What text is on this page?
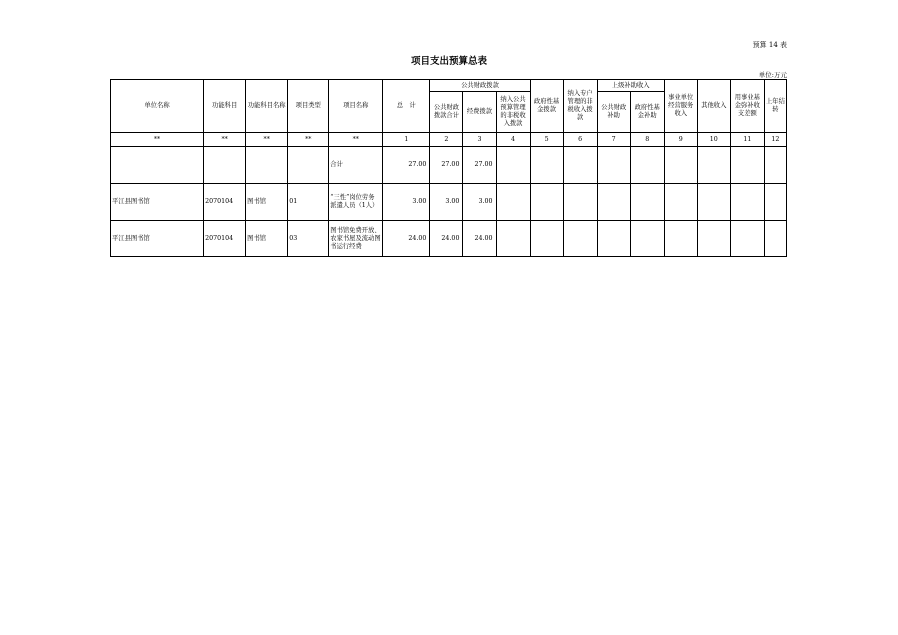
预算 14 表
项目支出预算总表
单位:万元
单位名称	功能科目	功能科目名称	项目类型	项目名称	总　计	公共财政拨款			政府性基金拨款	纳入专户管理的非税收入拨款	上级补助收入		事业单位经营服务收入	其他收入	用事业基金弥补收支差额	上年结转
						公共财政拨款合计	经费拨款	纳入公共预算管理的非税收入拨款			公共财政补助	政府性基金补助				
**	**	**	**	**	1	2	3	4	5	6	7	8	9	10	11	12
				合计	27.00	27.00	27.00									
平江县图书馆	2070104	图书馆	01	“三性”岗位劳务 派遣人员（1人）	3.00	3.00	3.00									
平江县图书馆	2070104	图书馆	03	图书馆免费开放、农家书屋及流动图 书运行经费	24.00	24.00	24.00									
